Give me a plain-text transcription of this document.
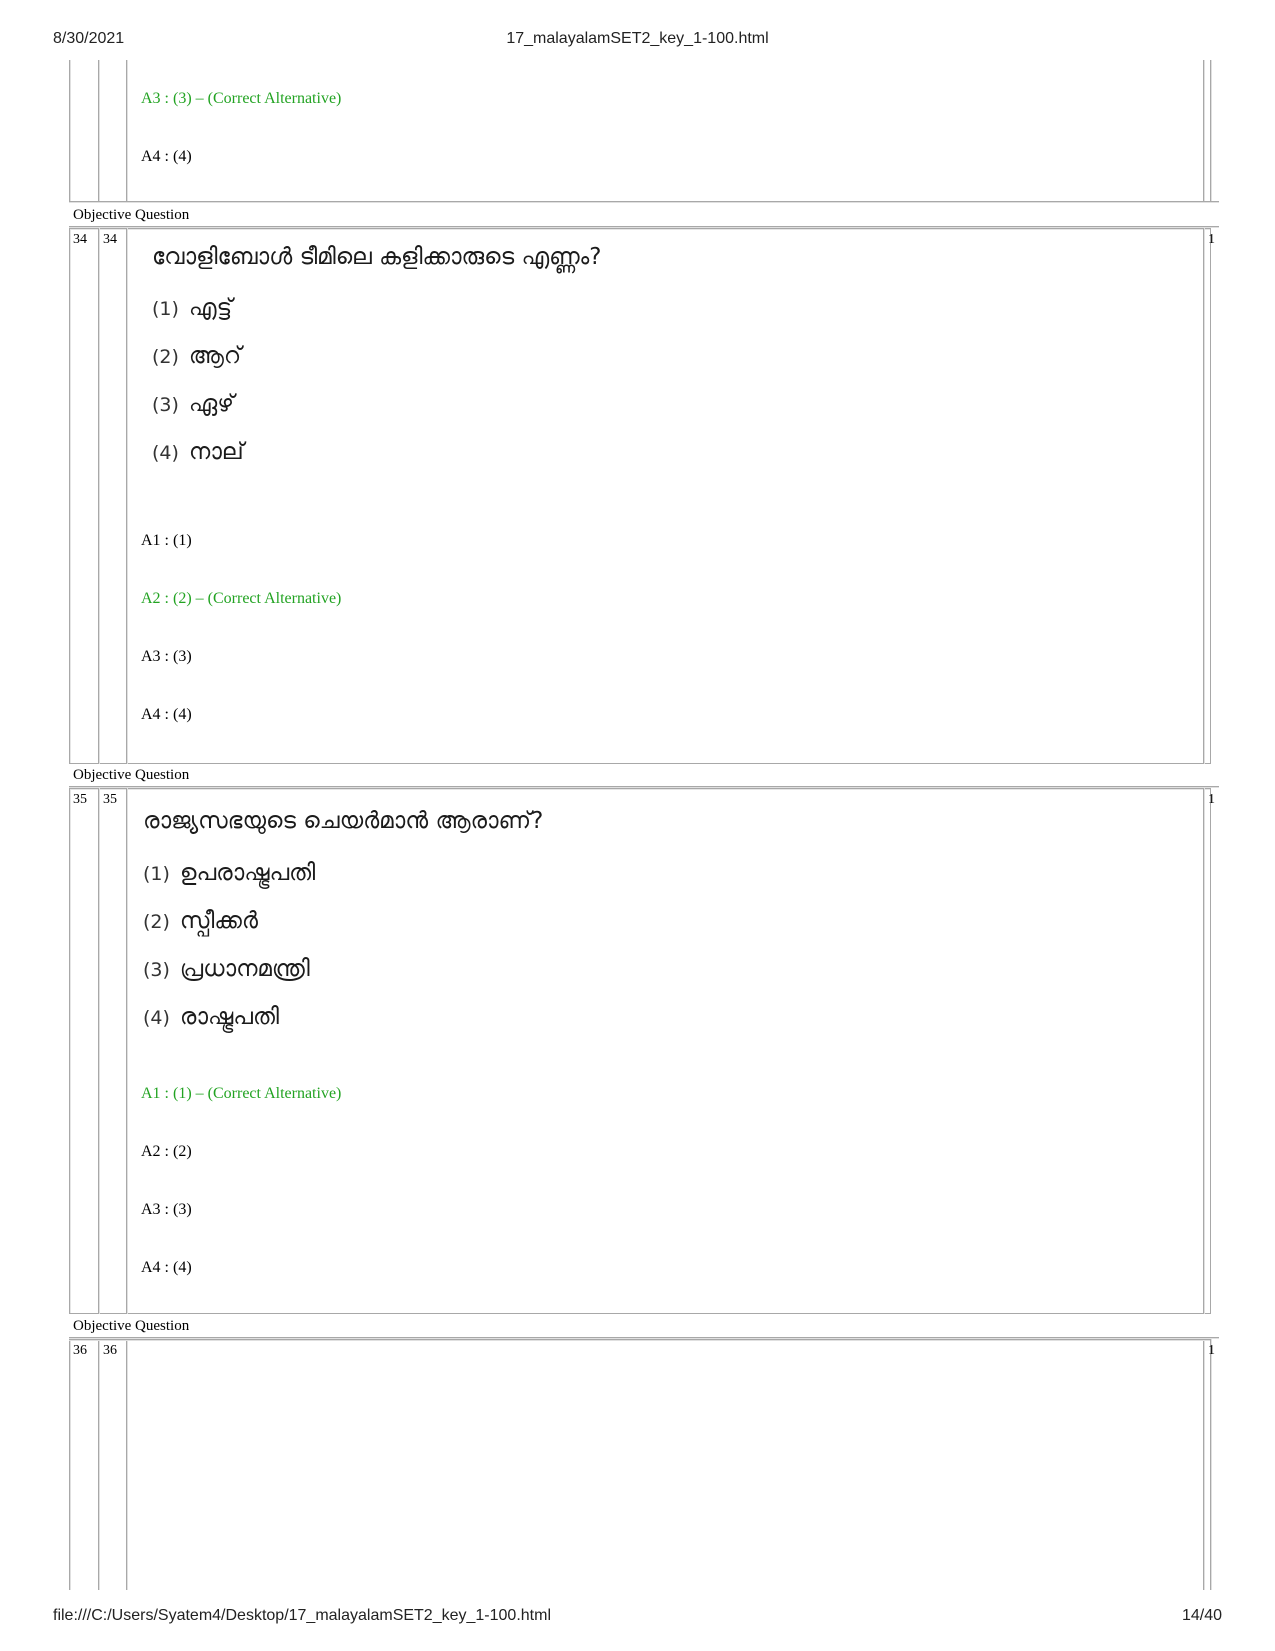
8/30/2021	17_malayalamSET2_key_1-100.html
file:///C:/Users/Syatem4/Desktop/17_malayalamSET2_key_1-100.html	14/40
A3 : (3) – (Correct Alternative)
A4 : (4)
Objective Question
34 34	1
വോളിബോൾ ടീമിലെ കളിക്കാരുടെ എണ്ണം?
(1) എട്ട്
(2) ആറ്
(3) ഏഴ്
(4) നാല്
A1 : (1)
A2 : (2) – (Correct Alternative)
A3 : (3)
A4 : (4)
Objective Question
35 35	1
രാജ്യസഭയുടെ ചെയർമാൻ ആരാണ്?
(1) ഉപരാഷ്ട്രപതി
(2) സ്പീക്കർ
(3) പ്രധാനമന്ത്രി
(4) രാഷ്ട്രപതി
A1 : (1) – (Correct Alternative)
A2 : (2)
A3 : (3)
A4 : (4)
Objective Question
36 36	1
